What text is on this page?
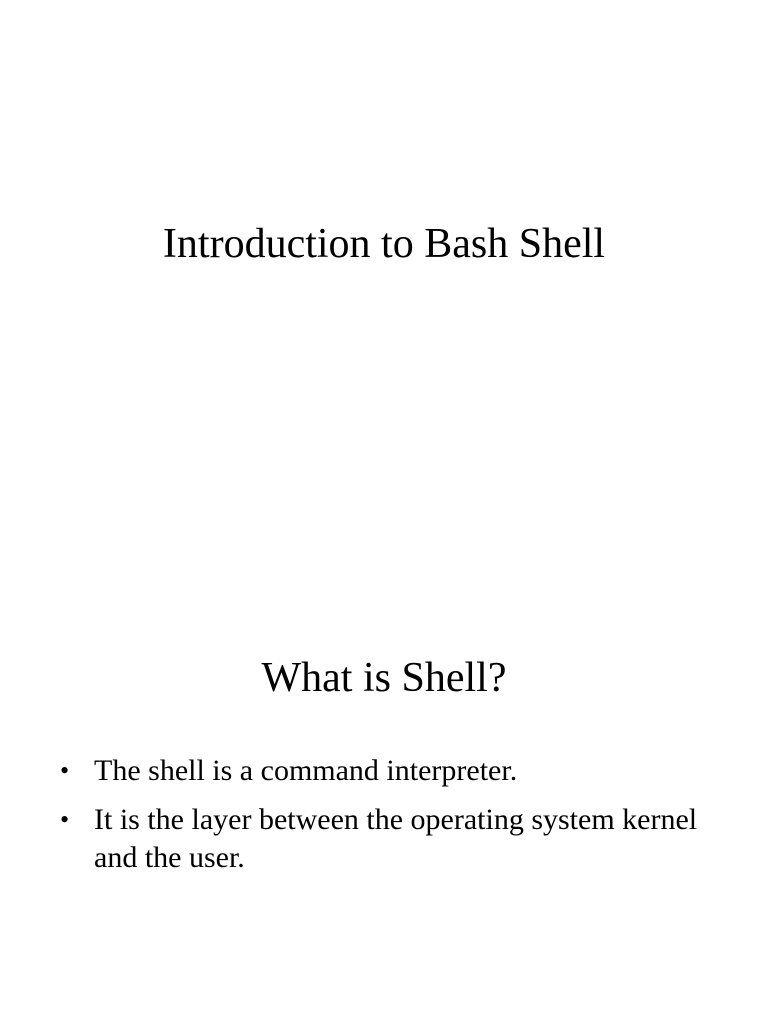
Introduction to Bash Shell
What is Shell?
• The shell is a command interpreter.
• It is the layer between the operating system kernel and the user.
